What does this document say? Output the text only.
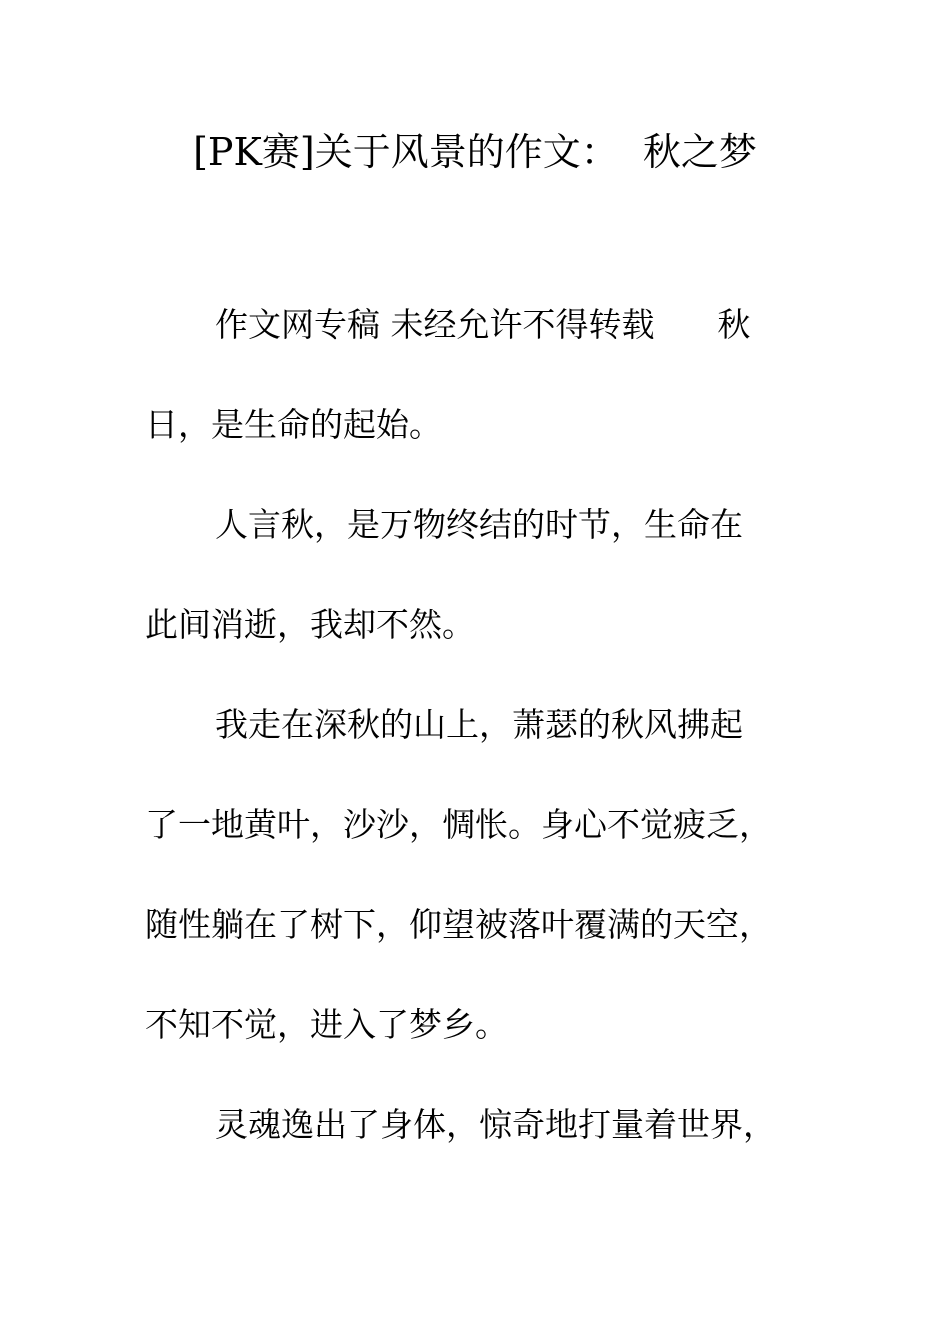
[PK赛]关于风景的作文：  秋之梦
作文网专稿 未经允许不得转载      秋
日，是生命的起始。
人言秋，是万物终结的时节，生命在
此间消逝，我却不然。
我走在深秋的山上，萧瑟的秋风拂起
了一地黄叶，沙沙，惆怅。身心不觉疲乏，
随性躺在了树下，仰望被落叶覆满的天空，
不知不觉，进入了梦乡。
灵魂逸出了身体，惊奇地打量着世界，
